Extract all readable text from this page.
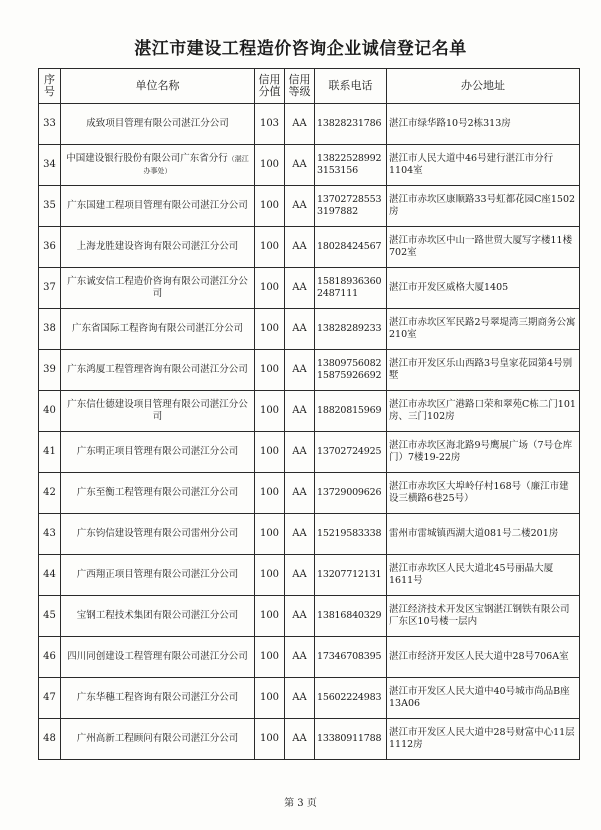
湛江市建设工程造价咨询企业诚信登记名单
序号	单位名称	信用分值	信用等级	联系电话	办公地址
33	成致项目管理有限公司湛江分公司	103	AA	13828231786	湛江市绿华路10号2栋313房
34	中国建设银行股份有限公司广东省分行（湛江办事处）	100	AA	13822528992 3153156	湛江市人民大道中46号建行湛江市分行1104室
35	广东国建工程项目管理有限公司湛江分公司	100	AA	13702728553 3197882	湛江市赤坎区康顺路33号虹都花园C座1502房
36	上海龙胜建设咨询有限公司湛江分公司	100	AA	18028424567	湛江市赤坎区中山一路世贸大厦写字楼11楼702室
37	广东诚安信工程造价咨询有限公司湛江分公司	100	AA	15818936360 2487111	湛江市开发区威格大厦1405
38	广东省国际工程咨询有限公司湛江分公司	100	AA	13828289233	湛江市赤坎区军民路2号翠堤湾三期商务公寓210室
39	广东鸿厦工程管理咨询有限公司湛江分公司	100	AA	13809756082 15875926692	湛江市开发区乐山西路3号皇家花园第4号别墅
40	广东信仕德建设项目管理有限公司湛江分公司	100	AA	18820815969	湛江市赤坎区广港路口荣和翠苑C栋二门101房、三门102房
41	广东明正项目管理有限公司湛江分公司	100	AA	13702724925	湛江市赤坎区海北路9号鹰展广场（7号仓库门）7楼19-22房
42	广东至衡工程管理有限公司湛江分公司	100	AA	13729009626	湛江市赤坎区大埠岭仔村168号（廉江市建设三横路6巷25号）
43	广东钧信建设管理有限公司雷州分公司	100	AA	15219583338	雷州市雷城镇西湖大道081号二楼201房
44	广西翔正项目管理有限公司湛江分公司	100	AA	13207712131	湛江市赤坎区人民大道北45号丽晶大厦1611号
45	宝钢工程技术集团有限公司湛江分公司	100	AA	13816840329	湛江经济技术开发区宝钢湛江钢铁有限公司厂东区10号楼一层内
46	四川同创建设工程管理有限公司湛江分公司	100	AA	17346708395	湛江市经济开发区人民大道中28号706A室
47	广东华穗工程咨询有限公司湛江分公司	100	AA	15602224983	湛江市开发区人民大道中40号城市尚品B座13A06
48	广州高新工程顾问有限公司湛江分公司	100	AA	13380911788	湛江市开发区人民大道中28号财富中心11层1112房
第 3 页
